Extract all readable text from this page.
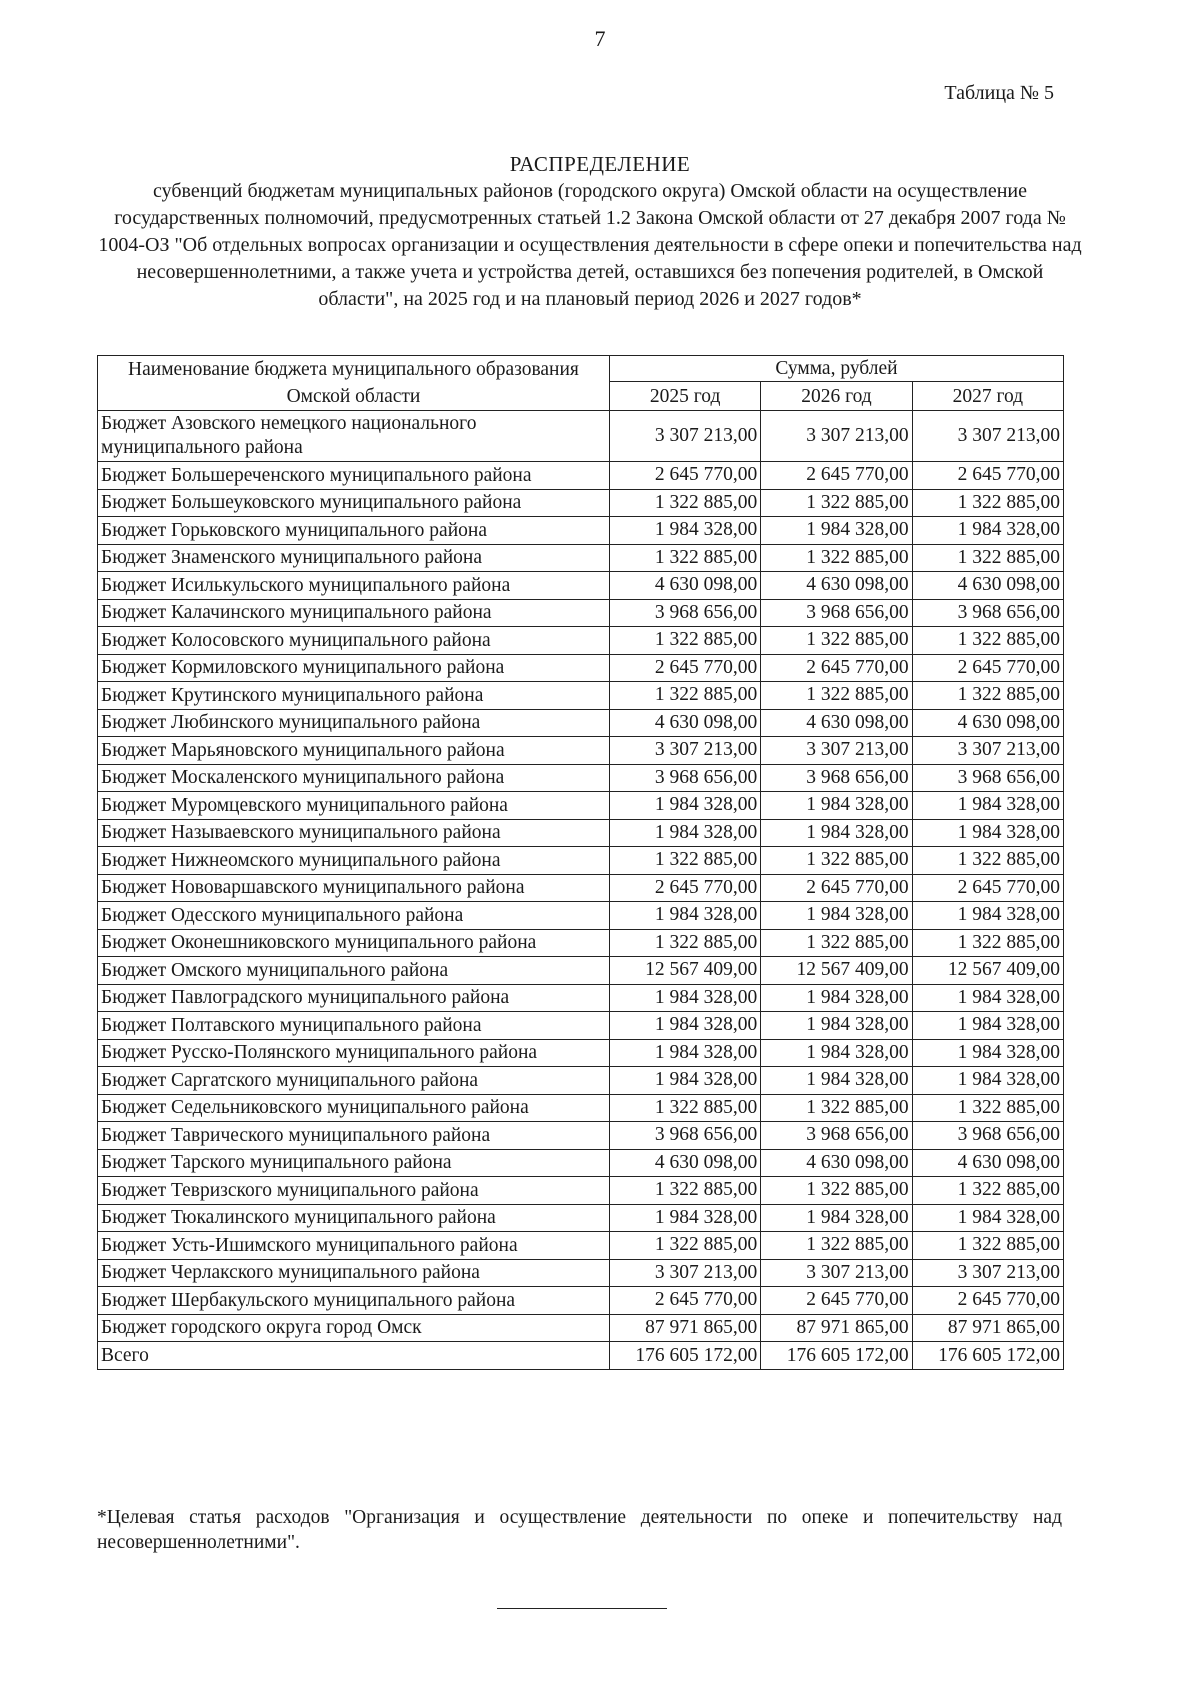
7
Таблица № 5
РАСПРЕДЕЛЕНИЕ
субвенций бюджетам муниципальных районов (городского округа) Омской области на осуществление государственных полномочий, предусмотренных статьей 1.2 Закона Омской области от 27 декабря 2007 года № 1004-ОЗ "Об отдельных вопросах организации и осуществления деятельности в сфере опеки и попечительства над несовершеннолетними, а также учета и устройства детей, оставшихся без попечения родителей, в Омской области", на 2025 год и на плановый период 2026 и 2027 годов*
Наименование бюджета муниципального образования Омской области	Сумма, рублей		
	2025 год	2026 год	2027 год
Бюджет Азовского немецкого национального муниципального района	3 307 213,00	3 307 213,00	3 307 213,00
Бюджет Большереченского муниципального района	2 645 770,00	2 645 770,00	2 645 770,00
Бюджет Большеуковского муниципального района	1 322 885,00	1 322 885,00	1 322 885,00
Бюджет Горьковского муниципального района	1 984 328,00	1 984 328,00	1 984 328,00
Бюджет Знаменского муниципального района	1 322 885,00	1 322 885,00	1 322 885,00
Бюджет Исилькульского муниципального района	4 630 098,00	4 630 098,00	4 630 098,00
Бюджет Калачинского муниципального района	3 968 656,00	3 968 656,00	3 968 656,00
Бюджет Колосовского муниципального района	1 322 885,00	1 322 885,00	1 322 885,00
Бюджет Кормиловского муниципального района	2 645 770,00	2 645 770,00	2 645 770,00
Бюджет Крутинского муниципального района	1 322 885,00	1 322 885,00	1 322 885,00
Бюджет Любинского муниципального района	4 630 098,00	4 630 098,00	4 630 098,00
Бюджет Марьяновского муниципального района	3 307 213,00	3 307 213,00	3 307 213,00
Бюджет Москаленского муниципального района	3 968 656,00	3 968 656,00	3 968 656,00
Бюджет Муромцевского муниципального района	1 984 328,00	1 984 328,00	1 984 328,00
Бюджет Называевского муниципального района	1 984 328,00	1 984 328,00	1 984 328,00
Бюджет Нижнеомского муниципального района	1 322 885,00	1 322 885,00	1 322 885,00
Бюджет Нововаршавского муниципального района	2 645 770,00	2 645 770,00	2 645 770,00
Бюджет Одесского муниципального района	1 984 328,00	1 984 328,00	1 984 328,00
Бюджет Оконешниковского муниципального района	1 322 885,00	1 322 885,00	1 322 885,00
Бюджет Омского муниципального района	12 567 409,00	12 567 409,00	12 567 409,00
Бюджет Павлоградского муниципального района	1 984 328,00	1 984 328,00	1 984 328,00
Бюджет Полтавского муниципального района	1 984 328,00	1 984 328,00	1 984 328,00
Бюджет Русско-Полянского муниципального района	1 984 328,00	1 984 328,00	1 984 328,00
Бюджет Саргатского муниципального района	1 984 328,00	1 984 328,00	1 984 328,00
Бюджет Седельниковского муниципального района	1 322 885,00	1 322 885,00	1 322 885,00
Бюджет Таврического муниципального района	3 968 656,00	3 968 656,00	3 968 656,00
Бюджет Тарского муниципального района	4 630 098,00	4 630 098,00	4 630 098,00
Бюджет Тевризского муниципального района	1 322 885,00	1 322 885,00	1 322 885,00
Бюджет Тюкалинского муниципального района	1 984 328,00	1 984 328,00	1 984 328,00
Бюджет Усть-Ишимского муниципального района	1 322 885,00	1 322 885,00	1 322 885,00
Бюджет Черлакского муниципального района	3 307 213,00	3 307 213,00	3 307 213,00
Бюджет Шербакульского муниципального района	2 645 770,00	2 645 770,00	2 645 770,00
Бюджет городского округа город Омск	87 971 865,00	87 971 865,00	87 971 865,00
Всего	176 605 172,00	176 605 172,00	176 605 172,00
*Целевая статья расходов "Организация и осуществление деятельности по опеке и попечительству над несовершеннолетними".
